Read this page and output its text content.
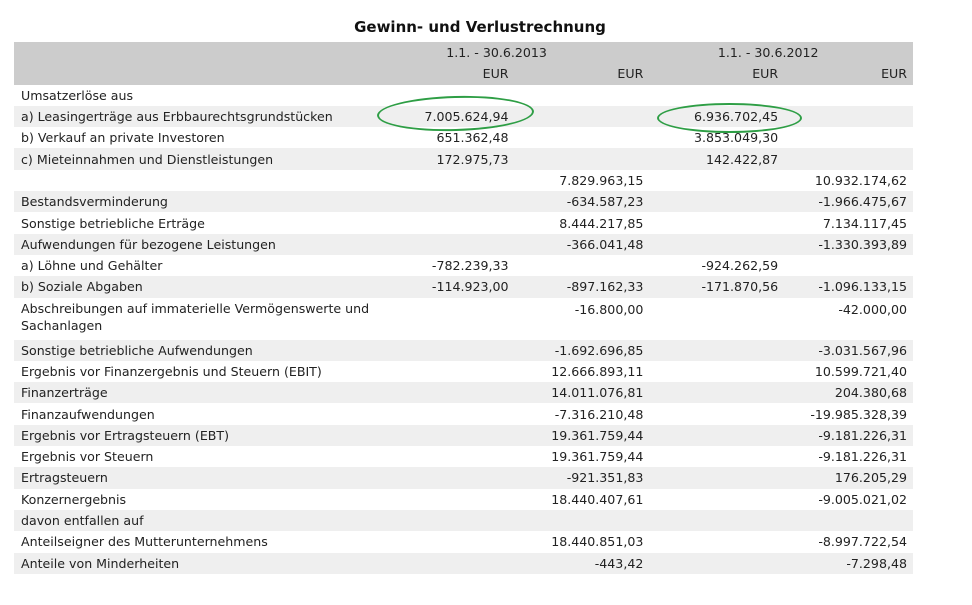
Gewinn- und Verlustrechnung
	1.1. - 30.6.2013		1.1. - 30.6.2012	
	EUR	EUR	EUR	EUR
Umsatzerlöse aus				
a) Leasingerträge aus Erbbaurechtsgrundstücken	7.005.624,94		6.936.702,45	
b) Verkauf an private Investoren	651.362,48		3.853.049,30	
c) Mieteinnahmen und Dienstleistungen	172.975,73		142.422,87	
		7.829.963,15		10.932.174,62
Bestandsverminderung		-634.587,23		-1.966.475,67
Sonstige betriebliche Erträge		8.444.217,85		7.134.117,45
Aufwendungen für bezogene Leistungen		-366.041,48		-1.330.393,89
a) Löhne und Gehälter	-782.239,33		-924.262,59	
b) Soziale Abgaben	-114.923,00	-897.162,33	-171.870,56	-1.096.133,15
Abschreibungen auf immaterielle Vermögenswerte und Sachanlagen		-16.800,00		-42.000,00
Sonstige betriebliche Aufwendungen		-1.692.696,85		-3.031.567,96
Ergebnis vor Finanzergebnis und Steuern (EBIT)		12.666.893,11		10.599.721,40
Finanzerträge		14.011.076,81		204.380,68
Finanzaufwendungen		-7.316.210,48		-19.985.328,39
Ergebnis vor Ertragsteuern (EBT)		19.361.759,44		-9.181.226,31
Ergebnis vor Steuern		19.361.759,44		-9.181.226,31
Ertragsteuern		-921.351,83		176.205,29
Konzernergebnis		18.440.407,61		-9.005.021,02
davon entfallen auf				
Anteilseigner des Mutterunternehmens		18.440.851,03		-8.997.722,54
Anteile von Minderheiten		-443,42		-7.298,48
